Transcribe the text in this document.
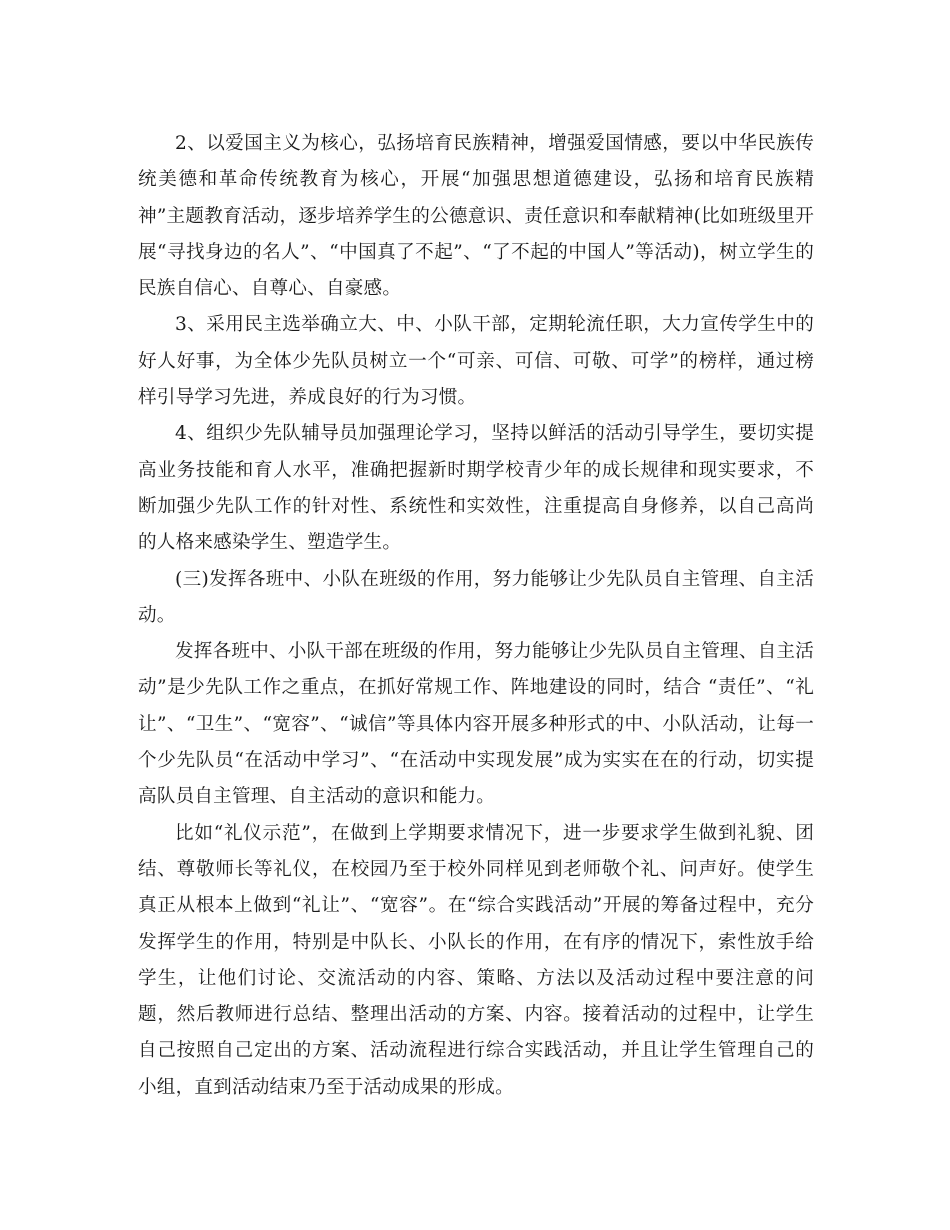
2、以爱国主义为核心，弘扬培育民族精神，增强爱国情感，要以中华民族传统美德和革命传统教育为核心，开展“加强思想道德建设，弘扬和培育民族精神”主题教育活动，逐步培养学生的公德意识、责任意识和奉献精神(比如班级里开展“寻找身边的名人”、“中国真了不起”、“了不起的中国人”等活动)，树立学生的民族自信心、自尊心、自豪感。

3、采用民主选举确立大、中、小队干部，定期轮流任职，大力宣传学生中的好人好事，为全体少先队员树立一个“可亲、可信、可敬、可学”的榜样，通过榜样引导学习先进，养成良好的行为习惯。

4、组织少先队辅导员加强理论学习，坚持以鲜活的活动引导学生，要切实提高业务技能和育人水平，准确把握新时期学校青少年的成长规律和现实要求，不断加强少先队工作的针对性、系统性和实效性，注重提高自身修养，以自己高尚的人格来感染学生、塑造学生。

(三)发挥各班中、小队在班级的作用，努力能够让少先队员自主管理、自主活动。

发挥各班中、小队干部在班级的作用，努力能够让少先队员自主管理、自主活动”是少先队工作之重点，在抓好常规工作、阵地建设的同时，结合 “责任”、“礼让”、“卫生”、“宽容”、“诚信”等具体内容开展多种形式的中、小队活动，让每一个少先队员“在活动中学习”、“在活动中实现发展”成为实实在在的行动，切实提高队员自主管理、自主活动的意识和能力。

比如“礼仪示范”，在做到上学期要求情况下，进一步要求学生做到礼貌、团结、尊敬师长等礼仪，在校园乃至于校外同样见到老师敬个礼、问声好。使学生真正从根本上做到“礼让”、“宽容”。在“综合实践活动”开展的筹备过程中，充分发挥学生的作用，特别是中队长、小队长的作用，在有序的情况下，索性放手给学生，让他们讨论、交流活动的内容、策略、方法以及活动过程中要注意的问题，然后教师进行总结、整理出活动的方案、内容。接着活动的过程中，让学生自己按照自己定出的方案、活动流程进行综合实践活动，并且让学生管理自己的小组，直到活动结束乃至于活动成果的形成。
